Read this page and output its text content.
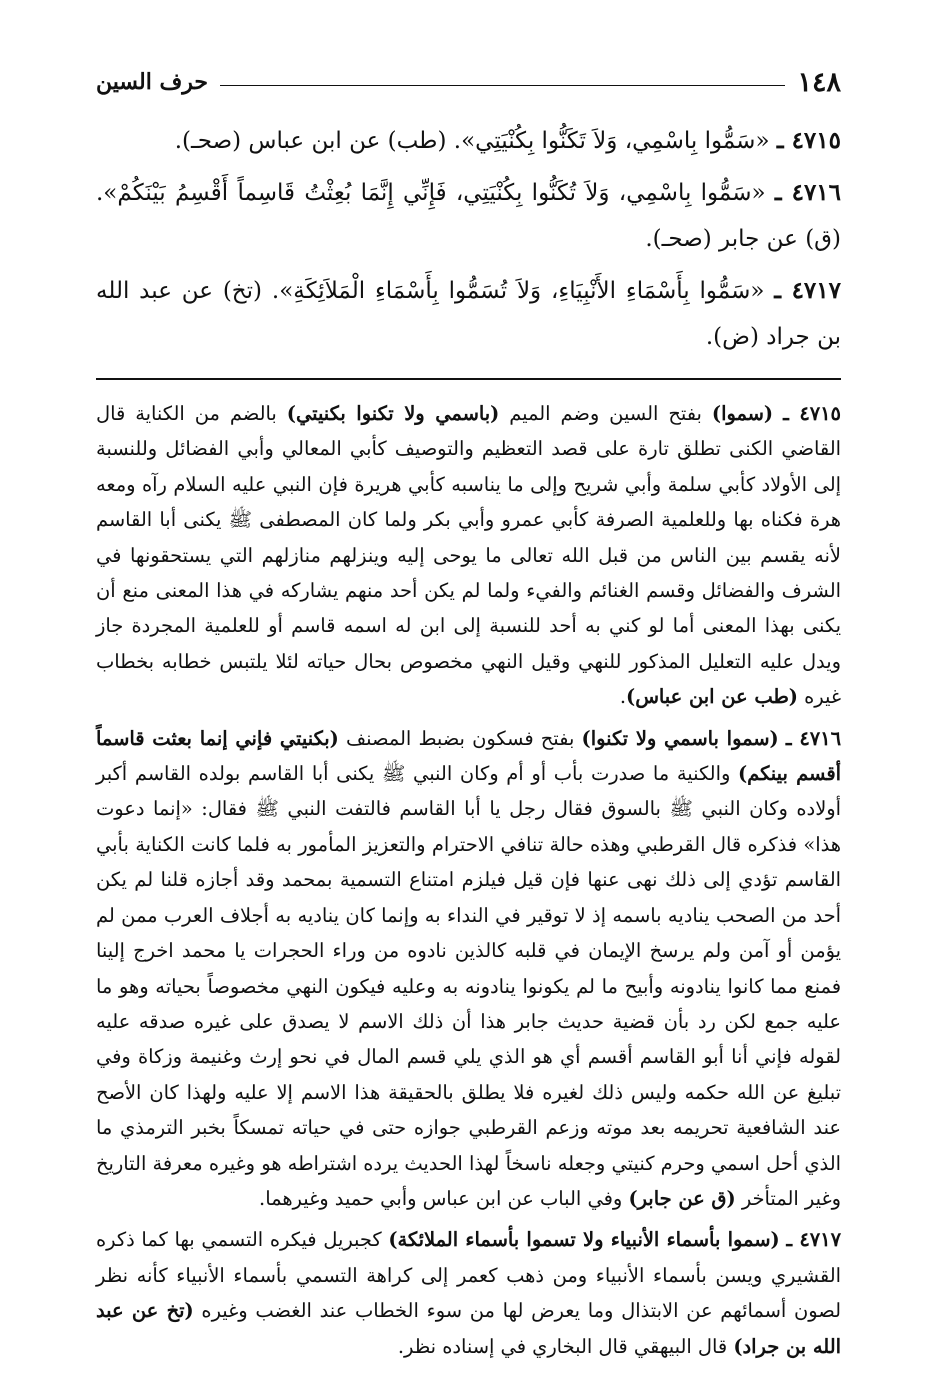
١٤٨
حرف السين

٤٧١٥ ـ «سَمُّوا بِاسْمِي، وَلاَ تَكَنُّوا بِكُنْيَتِي». (طب) عن ابن عباس (صحـ).

٤٧١٦ ـ «سَمُّوا بِاسْمِي، وَلاَ تُكَنُّوا بِكُنْيَتِي، فَإِنِّي إِنَّمَا بُعِثْتُ قَاسِماً أَقْسِمُ بَيْنَكُمْ». (ق) عن جابر (صحـ).

٤٧١٧ ـ «سَمُّوا بِأَسْمَاءِ الأَنْبِيَاءِ، وَلاَ تُسَمُّوا بِأَسْمَاءِ الْمَلاَئِكَةِ». (تخ) عن عبد الله بن جراد (ض).

٤٧١٥ ـ (سموا) بفتح السين وضم الميم (باسمي ولا تكنوا بكنيتي) بالضم من الكناية قال القاضي الكنى تطلق تارة على قصد التعظيم والتوصيف كأبي المعالي وأبي الفضائل وللنسبة إلى الأولاد كأبي سلمة وأبي شريح وإلى ما يناسبه كأبي هريرة فإن النبي عليه السلام رآه ومعه هرة فكناه بها وللعلمية الصرفة كأبي عمرو وأبي بكر ولما كان المصطفى ﷺ يكنى أبا القاسم لأنه يقسم بين الناس من قبل الله تعالى ما يوحى إليه وينزلهم منازلهم التي يستحقونها في الشرف والفضائل وقسم الغنائم والفيء ولما لم يكن أحد منهم يشاركه في هذا المعنى منع أن يكنى بهذا المعنى أما لو كني به أحد للنسبة إلى ابن له اسمه قاسم أو للعلمية المجردة جاز ويدل عليه التعليل المذكور للنهي وقيل النهي مخصوص بحال حياته لئلا يلتبس خطابه بخطاب غيره (طب عن ابن عباس).

٤٧١٦ ـ (سموا باسمي ولا تكنوا) بفتح فسكون بضبط المصنف (بكنيتي فإني إنما بعثت قاسماً أقسم بينكم) والكنية ما صدرت بأب أو أم وكان النبي ﷺ يكنى أبا القاسم بولده القاسم أكبر أولاده وكان النبي ﷺ بالسوق فقال رجل يا أبا القاسم فالتفت النبي ﷺ فقال: «إنما دعوت هذا» فذكره قال القرطبي وهذه حالة تنافي الاحترام والتعزيز المأمور به فلما كانت الكناية بأبي القاسم تؤدي إلى ذلك نهى عنها فإن قيل فيلزم امتناع التسمية بمحمد وقد أجازه قلنا لم يكن أحد من الصحب يناديه باسمه إذ لا توقير في النداء به وإنما كان يناديه به أجلاف العرب ممن لم يؤمن أو آمن ولم يرسخ الإيمان في قلبه كالذين نادوه من وراء الحجرات يا محمد اخرج إلينا فمنع مما كانوا ينادونه وأبيح ما لم يكونوا ينادونه به وعليه فيكون النهي مخصوصاً بحياته وهو ما عليه جمع لكن رد بأن قضية حديث جابر هذا أن ذلك الاسم لا يصدق على غيره صدقه عليه لقوله فإني أنا أبو القاسم أقسم أي هو الذي يلي قسم المال في نحو إرث وغنيمة وزكاة وفي تبليغ عن الله حكمه وليس ذلك لغيره فلا يطلق بالحقيقة هذا الاسم إلا عليه ولهذا كان الأصح عند الشافعية تحريمه بعد موته وزعم القرطبي جوازه حتى في حياته تمسكاً بخبر الترمذي ما الذي أحل اسمي وحرم كنيتي وجعله ناسخاً لهذا الحديث يرده اشتراطه هو وغيره معرفة التاريخ وغير المتأخر (ق عن جابر) وفي الباب عن ابن عباس وأبي حميد وغيرهما.

٤٧١٧ ـ (سموا بأسماء الأنبياء ولا تسموا بأسماء الملائكة) كجبريل فيكره التسمي بها كما ذكره القشيري ويسن بأسماء الأنبياء ومن ذهب كعمر إلى كراهة التسمي بأسماء الأنبياء كأنه نظر لصون أسمائهم عن الابتذال وما يعرض لها من سوء الخطاب عند الغضب وغيره (تخ عن عبد الله بن جراد) قال البيهقي قال البخاري في إسناده نظر.
